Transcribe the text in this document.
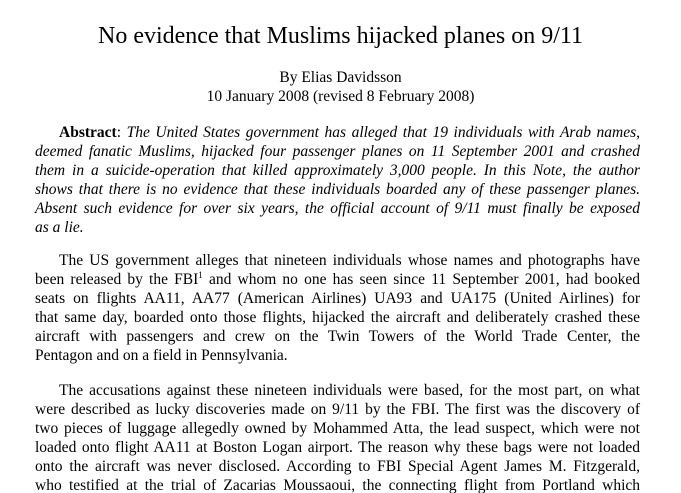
No evidence that Muslims hijacked planes on 9/11
By Elias Davidsson
10 January 2008 (revised 8 February 2008)
Abstract: The United States government has alleged that 19 individuals with Arab names,
deemed fanatic Muslims, hijacked four passenger planes on 11 September 2001 and crashed
them in a suicide-operation that killed approximately 3,000 people. In this Note, the author
shows that there is no evidence that these individuals boarded any of these passenger planes.
Absent such evidence for over six years, the official account of 9/11 must finally be exposed
as a lie.
The US government alleges that nineteen individuals whose names and photographs have
been released by the FBI$^1$ and whom no one has seen since 11 September 2001, had booked
seats on flights AA11, AA77 (American Airlines) UA93 and UA175 (United Airlines) for
that same day, boarded onto those flights, hijacked the aircraft and deliberately crashed these
aircraft with passengers and crew on the Twin Towers of the World Trade Center, the
Pentagon and on a field in Pennsylvania.
The accusations against these nineteen individuals were based, for the most part, on what
were described as lucky discoveries made on 9/11 by the FBI. The first was the discovery of
two pieces of luggage allegedly owned by Mohammed Atta, the lead suspect, which were not
loaded onto flight AA11 at Boston Logan airport. The reason why these bags were not loaded
onto the aircraft was never disclosed. According to FBI Special Agent James M. Fitzgerald,
who testified at the trial of Zacarias Moussaoui, the connecting flight from Portland which
